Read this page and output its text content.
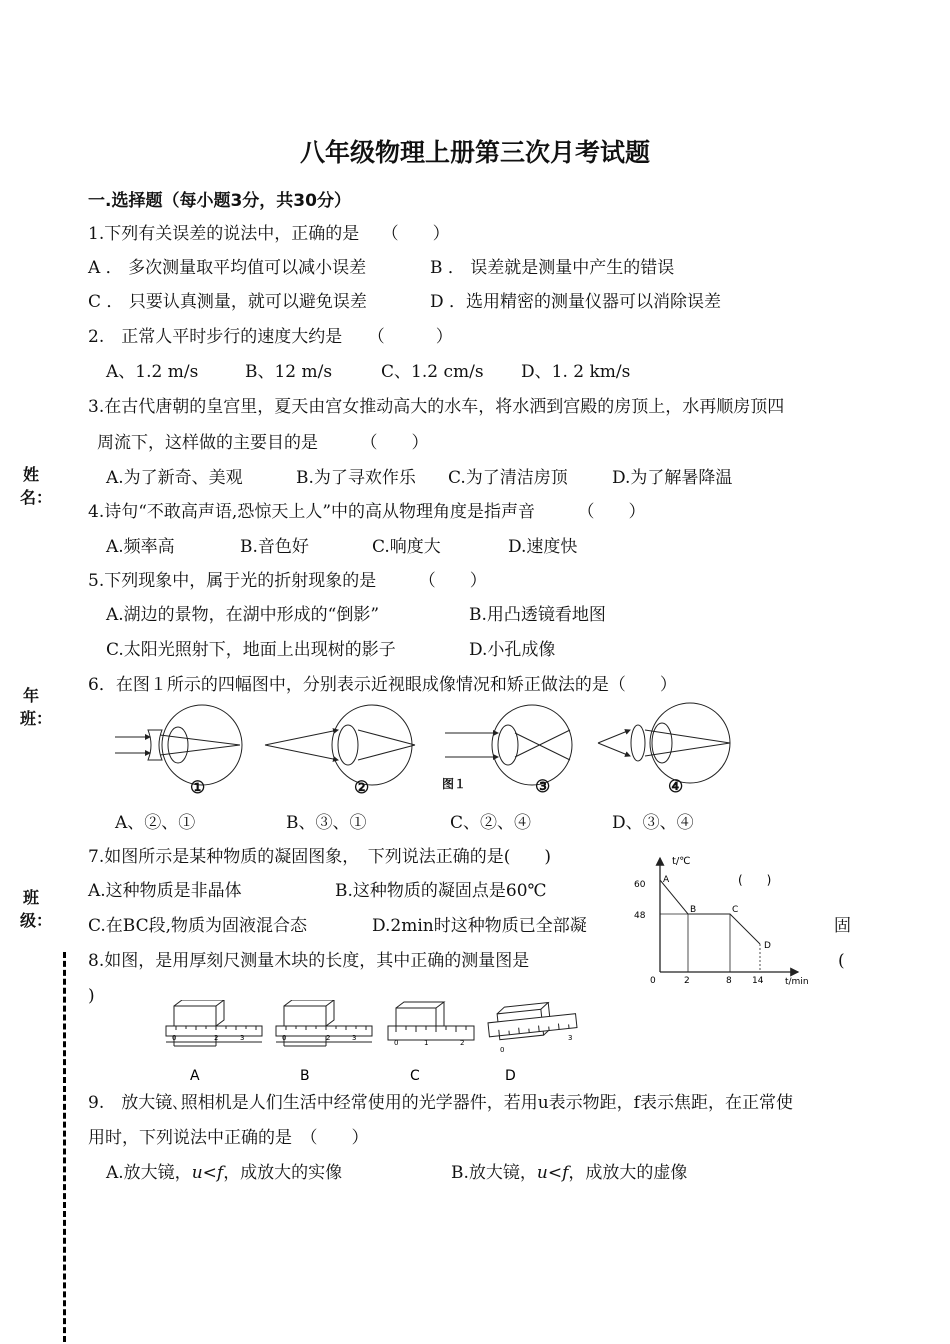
八年级物理上册第三次月考试题
一.选择题（每小题3分，共30分）
姓 名：
年 班：
班 级：
1.下列有关误差的说法中，正确的是　 （　　）
A ． 多次测量取平均值可以减小误差	B ． 误差就是测量中产生的错误
C ． 只要认真测量，就可以避免误差	D ．选用精密的测量仪器可以消除误差
2.　正常人平时步行的速度大约是　　（　　　）
A、1.2 m/s	B、12 m/s	C、1.2 cm/s D、1. 2 km/s
3.在古代唐朝的皇宫里，夏天由宫女推动高大的水车，将水洒到宫殿的房顶上，水再顺房顶四
周流下，这样做的主要目的是　　　（　　）
A.为了新奇、美观	B.为了寻欢作乐 C.为了清洁房顶	D.为了解暑降温
4.诗句“不敢高声语,恐惊天上人”中的高从物理角度是指声音　　　（　　）
A.频率高	B.音色好	C.响度大	D.速度快
5.下列现象中，属于光的折射现象的是　　　（　　）
A.湖边的景物，在湖中形成的“倒影”	B.用凸透镜看地图
C.太阳光照射下，地面上出现树的影子	D.小孔成像
6．在图１所示的四幅图中，分别表示近视眼成像情况和矫正做法的是（　　）
①	②	图１	③	④
A、②、①	B、③、①	C、②、④	D、③、④
7.如图所示是某种物质的凝固图象，　下列说法正确的是(　　)
A.这种物质是非晶体	B.这种物质的凝固点是60℃
C.在BC段,物质为固液混合态	D.2min时这种物质已全部凝	固
t/℃
t/min
60
48
0	2	8 14
A
B	C
D
(　　)
8.如图，是用厚刻尺测量木块的长度，其中正确的测量图是	(
)
0	2	3	0	2	3
0	1	2
0
3
A	B	C	D
9.　放大镜､照相机是人们生活中经常使用的光学器件，若用u表示物距，f表示焦距，在正常使
用时，下列说法中正确的是　（　　）
A.放大镜，u<f，成放大的实像	B.放大镜，u<f，成放大的虚像
